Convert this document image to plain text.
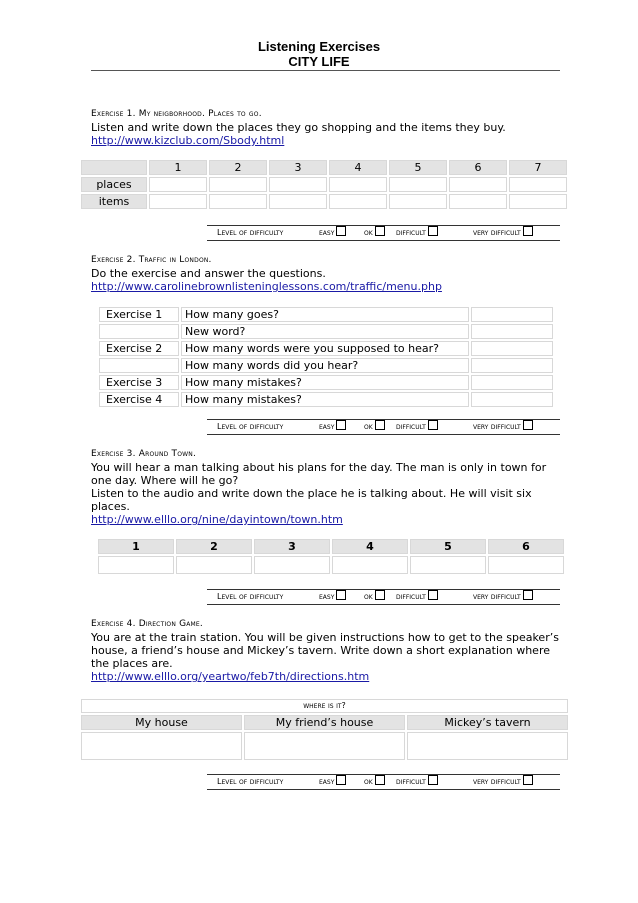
Listening Exercises
CITY LIFE
Exercise 1. My neigborhood. Places to go.
Listen and write down the places they go shopping and the items they buy.
http://www.kizclub.com/Sbody.html
	1	2	3	4	5	6	7
places							
items							
Level of difficulty	easy	ok	difficult	very difficult
Exercise 2. Traffic in London.
Do the exercise and answer the questions.
http://www.carolinebrownlisteninglessons.com/traffic/menu.php
Exercise 1	How many goes?	
	New word?	
Exercise 2	How many words were you supposed to hear?	
	How many words did you hear?	
Exercise 3	How many mistakes?	
Exercise 4	How many mistakes?	
Level of difficulty	easy	ok	difficult	very difficult
Exercise 3. Around Town.
You will hear a man talking about his plans for the day. The man is only in town for
one day. Where will he go?
Listen to the audio and write down the place he is talking about. He will visit six
places.
http://www.elllo.org/nine/dayintown/town.htm
1	2	3	4	5	6

Level of difficulty	easy	ok	difficult	very difficult
Exercise 4. Direction Game.
You are at the train station. You will be given instructions how to get to the speaker’s
house, a friend’s house and Mickey’s tavern. Write down a short explanation where
the places are.
http://www.elllo.org/yeartwo/feb7th/directions.htm
where is it?		
My house	My friend’s house	Mickey’s tavern

Level of difficulty	easy	ok	difficult	very difficult
